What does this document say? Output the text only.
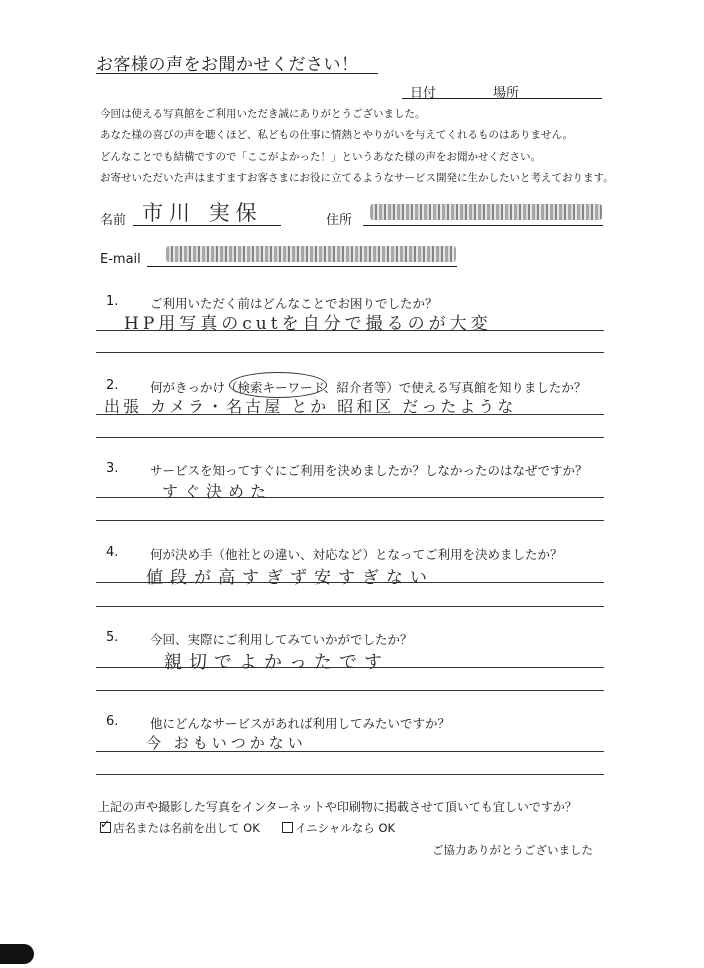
お客様の声をお聞かせください！
日付	場所
今回は使える写真館をご利用いただき誠にありがとうございました。
あなた様の喜びの声を聴くほど、私どもの仕事に情熱とやりがいを与えてくれるものはありません。
どんなことでも結構ですので「ここがよかった！」というあなた様の声をお聞かせください。
お寄せいただいた声はますますお客さまにお役に立てるようなサービス開発に生かしたいと考えております。
名前 市川 実保	住所
E-mail
1.	ご利用いただく前はどんなことでお困りでしたか？
HP用写真のcutを自分で撮るのが大変
2.	何がきっかけ（検索キーワード、紹介者等）で使える写真館を知りましたか？
出張 カメラ・名古屋 とか 昭和区 だったような
3.	サービスを知ってすぐにご利用を決めましたか？しなかったのはなぜですか？
すぐ決めた
4.	何が決め手（他社との違い、対応など）となってご利用を決めましたか？
値段が高すぎず安すぎない
5.	今回、実際にご利用してみていかがでしたか？
親切でよかったです
6.	他にどんなサービスがあれば利用してみたいですか？
今 おもいつかない
上記の声や撮影した写真をインターネットや印刷物に掲載させて頂いても宜しいですか？
✓ 店名または名前を出して OK	イニシャルなら OK
ご協力ありがとうございました
